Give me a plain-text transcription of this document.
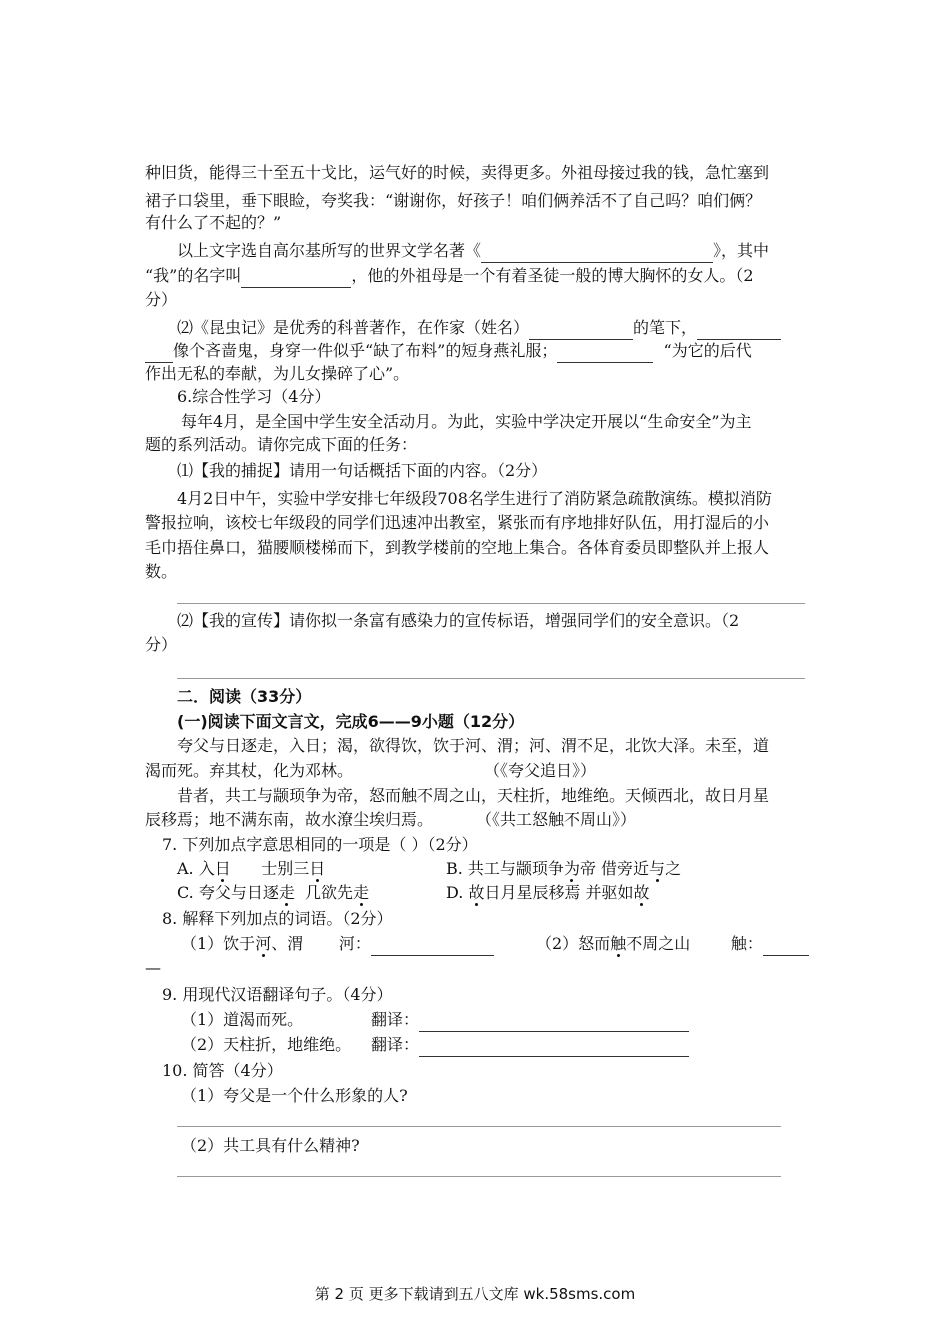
种旧货，能得三十至五十戈比，运气好的时候，卖得更多。外祖母接过我的钱，急忙塞到
裙子口袋里，垂下眼睑，夸奖我：“谢谢你，好孩子！咱们俩养活不了自己吗？咱们俩？
有什么了不起的？”
以上文字选自高尔基所写的世界文学名著《	》，其中
“我”的名字叫	，他的外祖母是一个有着圣徒一般的博大胸怀的女人。（2
分）
⑵《昆虫记》是优秀的科普著作，在作家（姓名）	的笔下，
像个吝啬鬼，身穿一件似乎“缺了布料”的短身燕礼服；	“为它的后代
作出无私的奉献，为儿女操碎了心”。
6.综合性学习（4分）
每年4月，是全国中学生安全活动月。为此，实验中学决定开展以“生命安全”为主
题的系列活动。请你完成下面的任务：
⑴【我的捕捉】请用一句话概括下面的内容。（2分）
4月2日中午，实验中学安排七年级段708名学生进行了消防紧急疏散演练。模拟消防
警报拉响，该校七年级段的同学们迅速冲出教室，紧张而有序地排好队伍，用打湿后的小
毛巾捂住鼻口，猫腰顺楼梯而下，到教学楼前的空地上集合。各体育委员即整队并上报人
数。
⑵【我的宣传】请你拟一条富有感染力的宣传标语，增强同学们的安全意识。（2
分）
二．阅读（33分）
(一)阅读下面文言文，完成6——9小题（12分）
夸父与日逐走，入日；渴，欲得饮，饮于河、渭；河、渭不足，北饮大泽。未至，道
渴而死。弃其杖，化为邓林。	（《夸父追日》）
昔者，共工与颛顼争为帝，怒而触不周之山，天柱折，地维绝。天倾西北，故日月星
辰移焉；地不满东南，故水潦尘埃归焉。	（《共工怒触不周山》）
7. 下列加点字意思相同的一项是（ ）（2分）
A. 入日 士别三日	B. 共工与颛顼争为帝 借旁近与之
C. 夸父与日逐走 几欲先走	D. 故日月星辰移焉 并驱如故
8. 解释下列加点的词语。（2分）
（1）饮于河、渭 河：	（2）怒而触不周之山	触：
—
9. 用现代汉语翻译句子。（4分）
（1）道渴而死。	翻译：
（2）天柱折，地维绝。 翻译：
10. 简答（4分）
（1）夸父是一个什么形象的人?
（2）共工具有什么精神?
第 2 页 更多下载请到五八文库 wk.58sms.com
